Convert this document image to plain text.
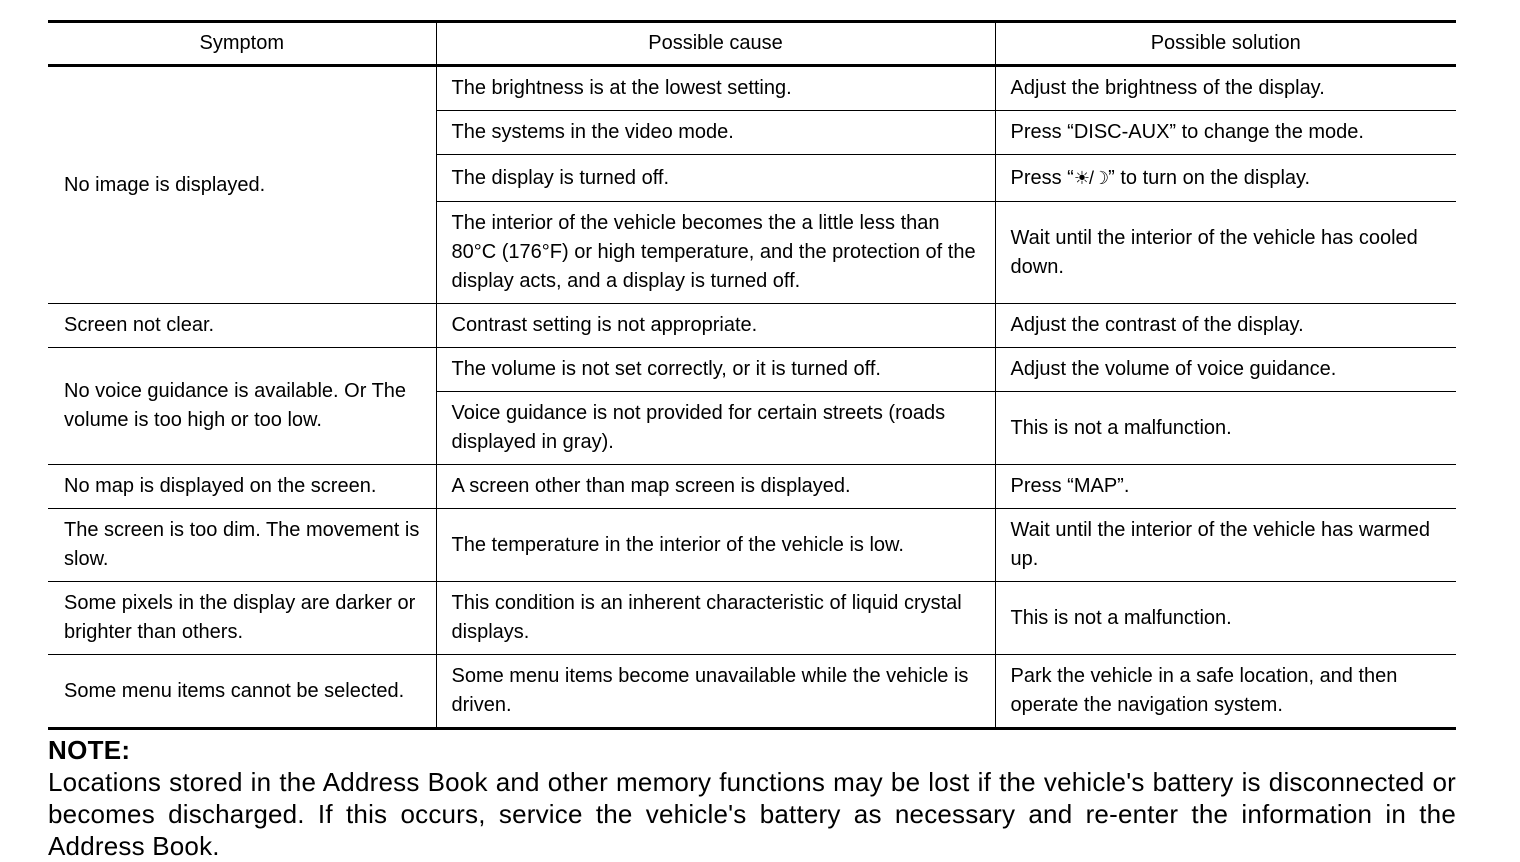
Symptom	Possible cause	Possible solution
No image is displayed.	The brightness is at the lowest setting.	Adjust the brightness of the display.
	The systems in the video mode.	Press “DISC-AUX” to change the mode.
	The display is turned off.	Press “☀/☽” to turn on the display.
	The interior of the vehicle becomes the a little less than 80°C (176°F) or high temperature, and the protection of the display acts, and a display is turned off.	Wait until the interior of the vehicle has cooled down.
Screen not clear.	Contrast setting is not appropriate.	Adjust the contrast of the display.
No voice guidance is available. Or The volume is too high or too low.	The volume is not set correctly, or it is turned off.	Adjust the volume of voice guidance.
	Voice guidance is not provided for certain streets (roads displayed in gray).	This is not a malfunction.
No map is displayed on the screen.	A screen other than map screen is displayed.	Press “MAP”.
The screen is too dim. The movement is slow.	The temperature in the interior of the vehicle is low.	Wait until the interior of the vehicle has warmed up.
Some pixels in the display are darker or brighter than others.	This condition is an inherent characteristic of liquid crystal displays.	This is not a malfunction.
Some menu items cannot be selected.	Some menu items become unavailable while the vehicle is driven.	Park the vehicle in a safe location, and then operate the navigation system.
NOTE:
Locations stored in the Address Book and other memory functions may be lost if the vehicle's battery is disconnected or becomes discharged. If this occurs, service the vehicle's battery as necessary and re-enter the information in the Address Book.
